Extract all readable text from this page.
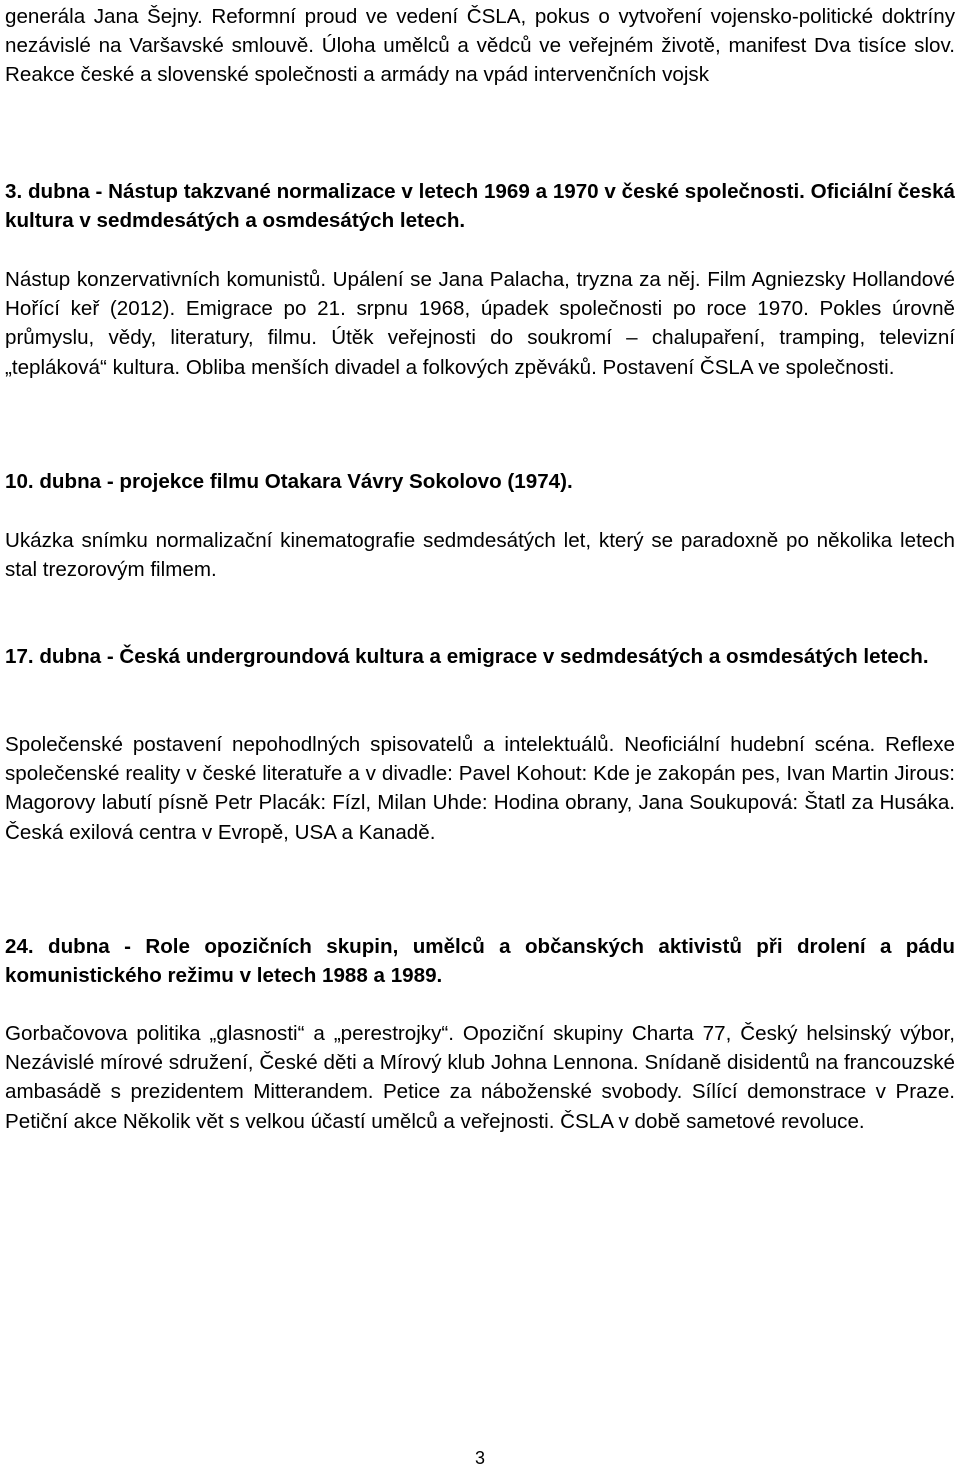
generála Jana Šejny. Reformní proud ve vedení ČSLA, pokus o vytvoření vojensko-politické doktríny nezávislé na Varšavské smlouvě. Úloha umělců a vědců ve veřejném životě, manifest Dva tisíce slov. Reakce české a slovenské společnosti a armády na vpád intervenčních vojsk

3. dubna - Nástup takzvané normalizace v letech 1969 a 1970 v české společnosti. Oficiální česká kultura v sedmdesátých a osmdesátých letech.

Nástup konzervativních komunistů. Upálení se Jana Palacha, tryzna za něj. Film Agniezsky Hollandové Hořící keř (2012). Emigrace po 21. srpnu 1968, úpadek společnosti po roce 1970. Pokles úrovně průmyslu, vědy, literatury, filmu. Útěk veřejnosti do soukromí – chalupaření, tramping, televizní „tepláková“ kultura. Obliba menších divadel a folkových zpěváků. Postavení ČSLA ve společnosti.

10. dubna - projekce filmu Otakara Vávry Sokolovo (1974).

Ukázka snímku normalizační kinematografie sedmdesátých let, který se paradoxně po několika letech stal trezorovým filmem.

17. dubna - Česká undergroundová kultura a emigrace v sedmdesátých a osmdesátých letech.

Společenské postavení nepohodlných spisovatelů a intelektuálů. Neoficiální hudební scéna. Reflexe společenské reality v české literatuře a v divadle: Pavel Kohout: Kde je zakopán pes, Ivan Martin Jirous: Magorovy labutí písně Petr Placák: Fízl, Milan Uhde: Hodina obrany, Jana Soukupová: Štatl za Husáka. Česká exilová centra v Evropě, USA a Kanadě.

24. dubna - Role opozičních skupin, umělců a občanských aktivistů při drolení a pádu komunistického režimu v letech 1988 a 1989.

Gorbačovova politika „glasnosti“ a „perestrojky“. Opoziční skupiny Charta 77, Český helsinský výbor, Nezávislé mírové sdružení, České děti a Mírový klub Johna Lennona. Snídaně disidentů na francouzské ambasádě s prezidentem Mitterandem. Petice za náboženské svobody. Sílící demonstrace v Praze. Petiční akce Několik vět s velkou účastí umělců a veřejnosti. ČSLA v době sametové revoluce.

3
